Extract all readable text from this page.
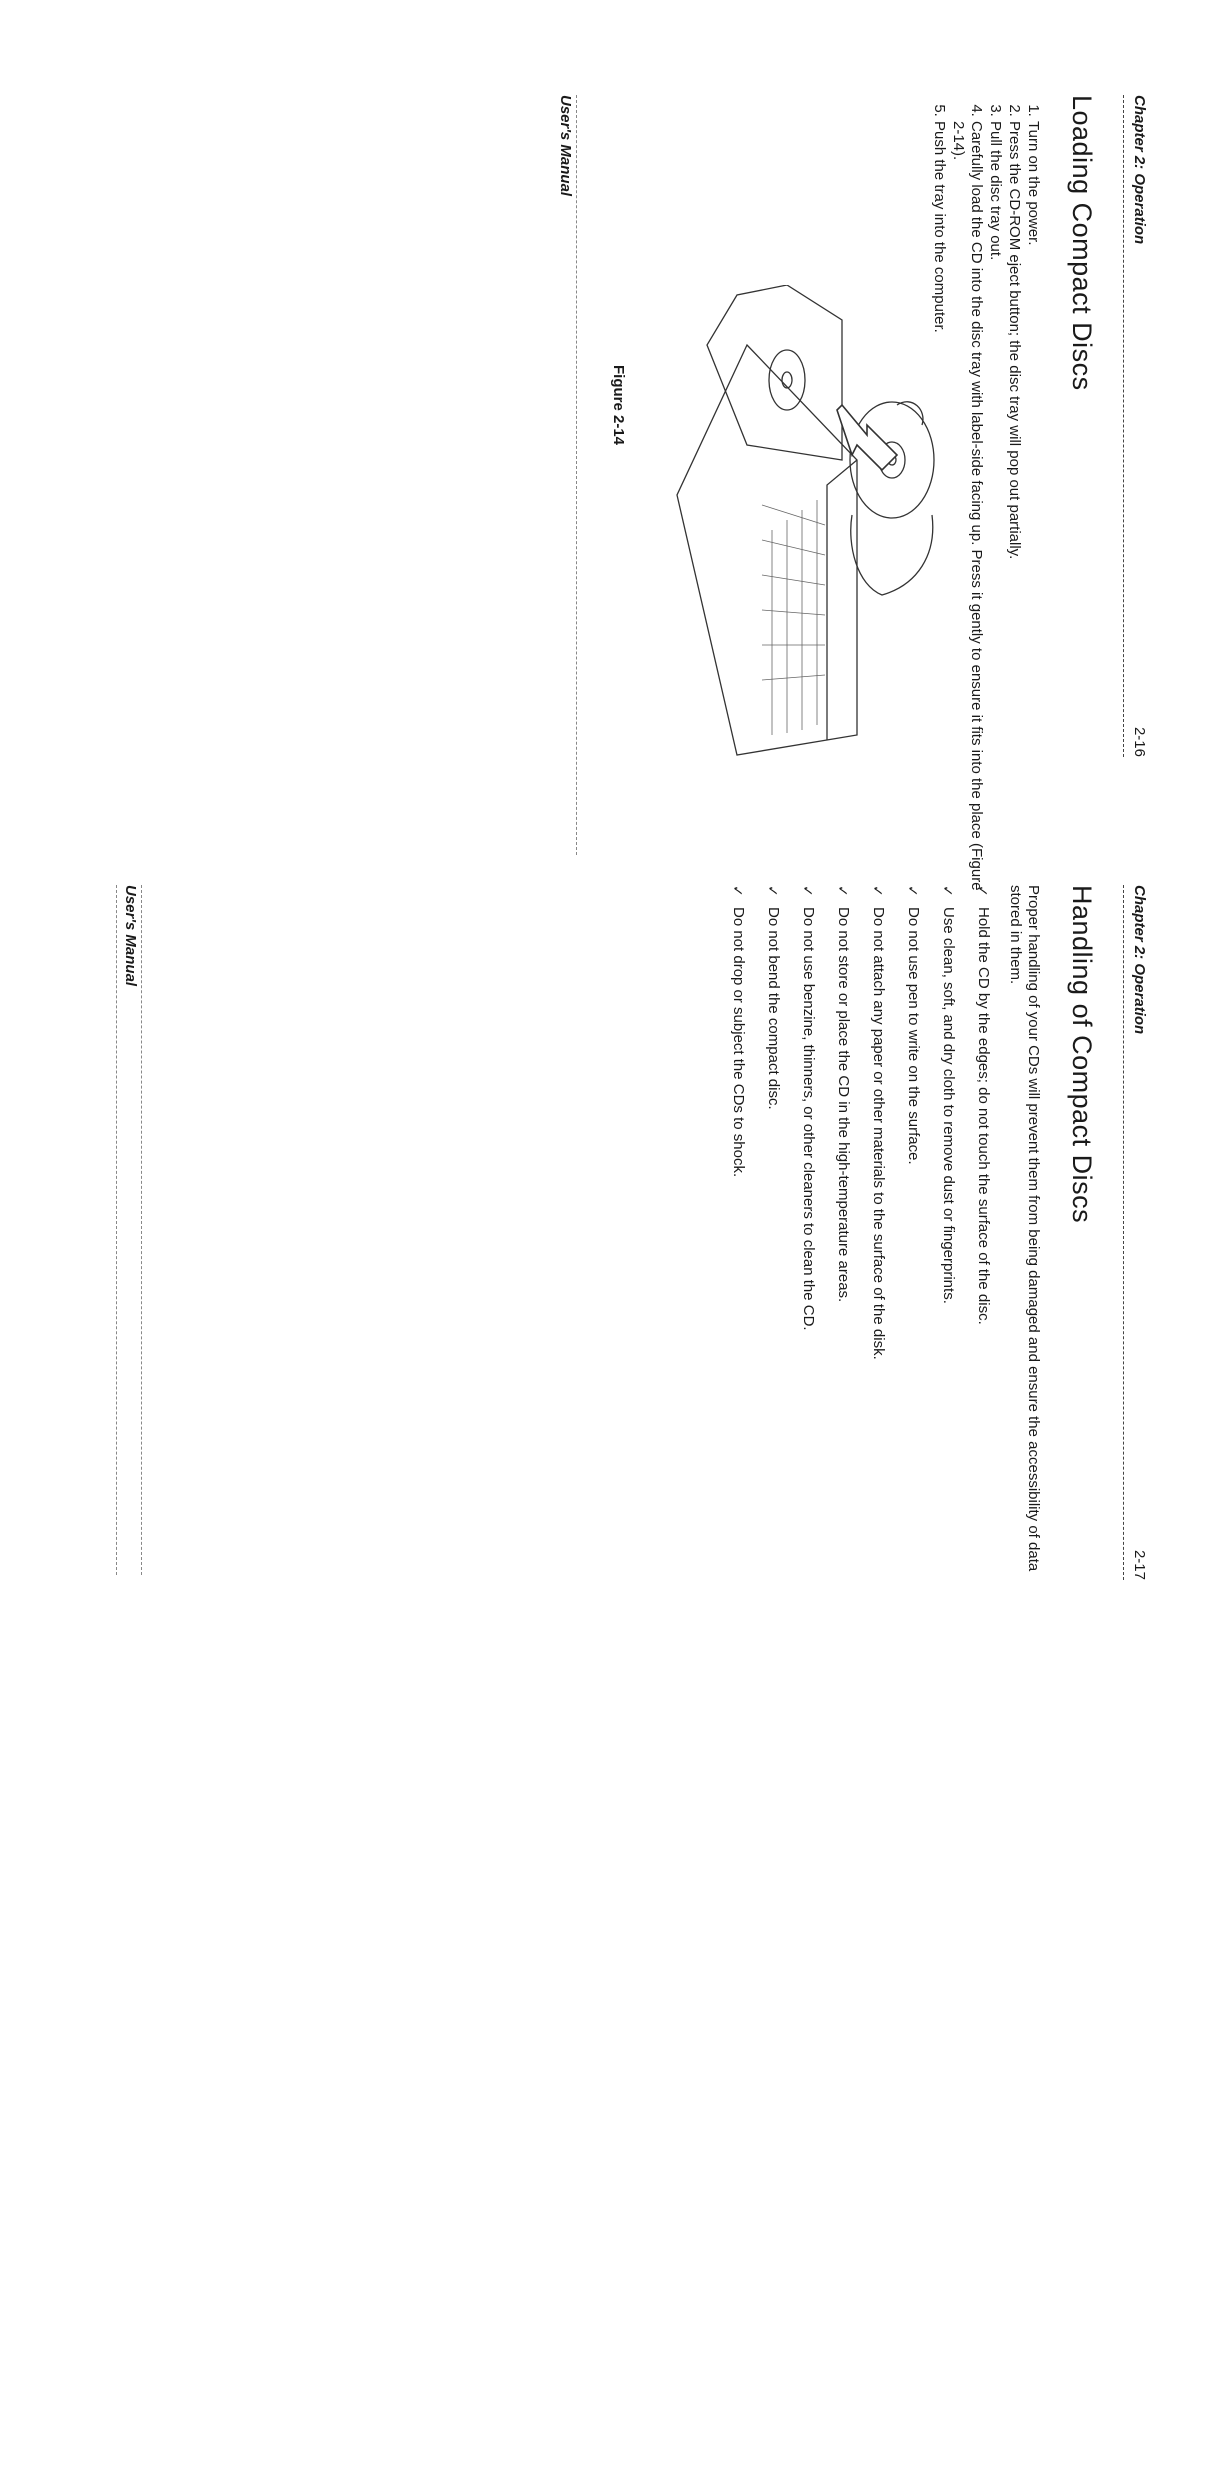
Chapter 2: Operation
2-16
Loading Compact Discs
1. Turn on the power.
2. Press the CD-ROM eject button; the disc tray will pop out partially.
3. Pull the disc tray out.
4. Carefully load the CD into the disc tray with label-side facing up. Press it gently to ensure it fits into the place (Figure 2-14).
5. Push the tray into the computer.
Figure 2-14
User's Manual
Chapter 2: Operation
2-17
Handling of Compact Discs

Proper handling of your CDs will prevent them from being damaged and ensure the accessibility of data stored in them.

✓
Hold the CD by the edges; do not touch the surface of the disc.
✓
Use clean, soft, and dry cloth to remove dust or fingerprints.
✓
Do not use pen to write on the surface.
✓
Do not attach any paper or other materials to the surface of the disk.
✓
Do not store or place the CD in the high-temperature areas.
✓
Do not use benzine, thinners, or other cleaners to clean the CD.
✓
Do not bend the compact disc.
✓
Do not drop or subject the CDs to shock.
User's Manual
